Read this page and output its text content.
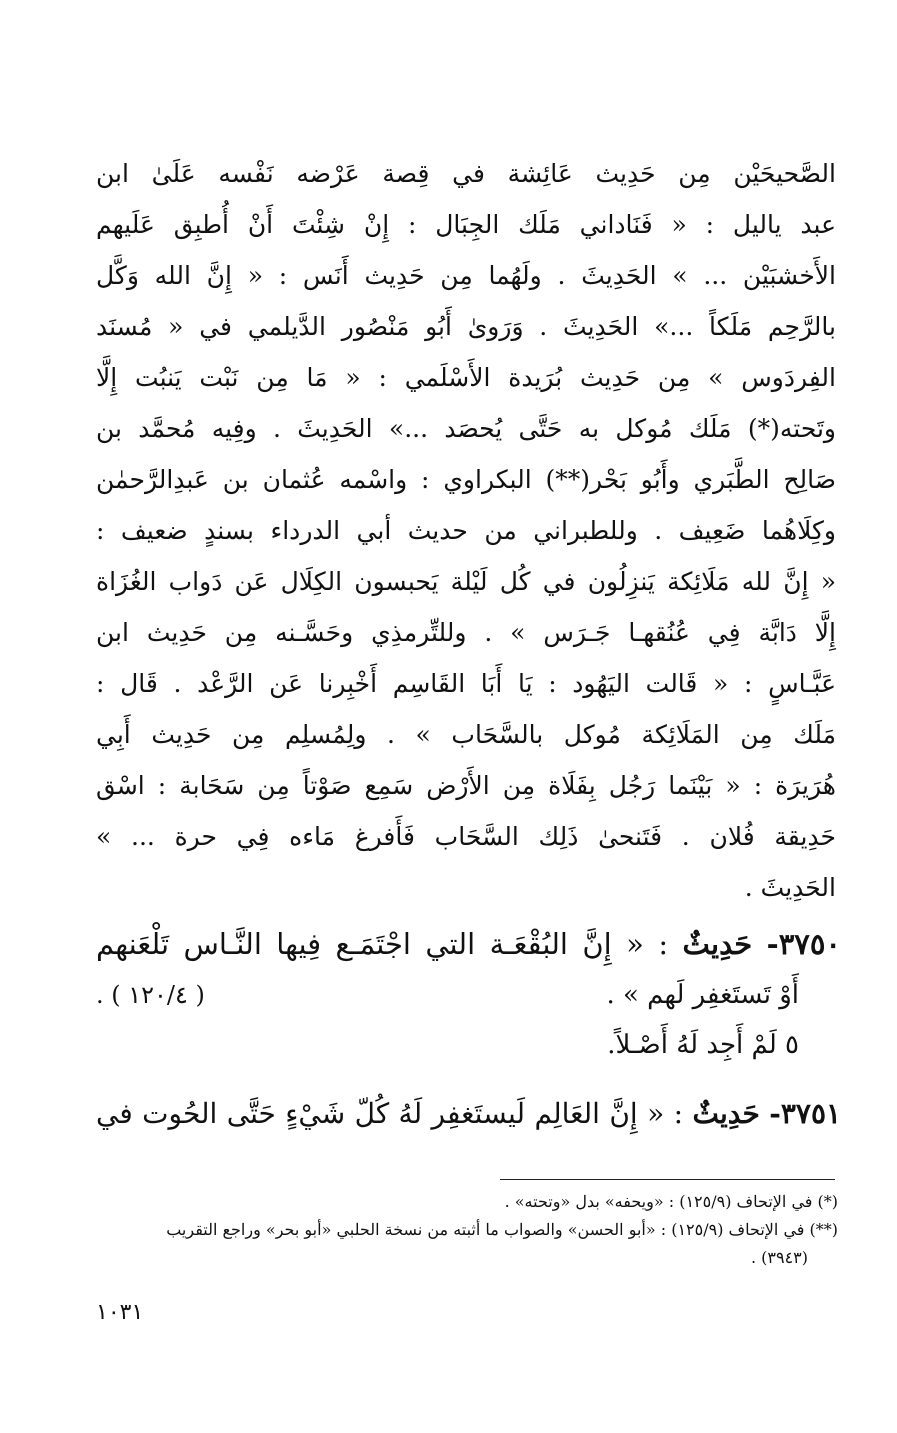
الصَّحيحَيْن مِن حَدِيث عَائِشة في قِصة عَرْضه نَفْسه عَلَىٰ ابن
عبد ياليل : « فَنَاداني مَلَك الجِبَال : إِنْ شِئْتَ أَنْ أُطبِق عَلَيهم
الأَخشبَيْن ... » الحَدِيثَ . ولَهُما مِن حَدِيث أَنَس : « إِنَّ الله وَكَّل
بالرَّحِم مَلَكاً ...» الحَدِيثَ . وَرَوىٰ أَبُو مَنْصُور الدَّيلمي في « مُسنَد
الفِردَوس » مِن حَدِيث بُرَيدة الأَسْلَمي : « مَا مِن نَبْت يَنبُت إِلَّا
وتَحته(*) مَلَك مُوكل به حَتَّى يُحصَد ...» الحَدِيثَ . وفِيه مُحمَّد بن
صَالِح الطَّبَري وأَبُو بَحْر(**) البكراوي : واسْمه عُثمان بن عَبدِالرَّحمٰن
وكِلَاهُما ضَعِيف . وللطبراني من حديث أبي الدرداء بسندٍ ضعيف :
« إِنَّ لله مَلَائِكة يَنزِلُون في كُل لَيْلة يَحبسون الكِلَال عَن دَواب الغُزَاة
إِلَّا دَابَّة فِي عُنُقهـا جَـرَس » . وللتِّرمذِي وحَسَّـنه مِن حَدِيث ابن
عَبَّـاسٍ : « قَالت اليَهُود : يَا أَبَا القَاسِم أَخْبِرنا عَن الرَّعْد . قَال :
مَلَك مِن المَلَائِكة مُوكل بالسَّحَاب » . ولِمُسلِم مِن حَدِيث أَبِي
هُرَيرَة : « بَيْنَما رَجُل بِفَلَاة مِن الأَرْض سَمِع صَوْتاً مِن سَحَابة : اسْق
حَدِيقة فُلان . فَتَنحىٰ ذَلِك السَّحَاب فَأَفرغ مَاءه فِي حرة ... »
الحَدِيثَ .
٣٧٥٠- حَدِيثٌ : « إِنَّ البُقْعَـة التي اجْتَمَـع فِيها النَّـاس تَلْعَنهم
أَوْ تَستَغفِر لَهم » .
( ١٢٠/٤ ) .
٥ لَمْ أَجِد لَهُ أَصْـلاً.
٣٧٥١- حَدِيثٌ : « إِنَّ العَالِم لَيستَغفِر لَهُ كُلّ شَيْءٍ حَتَّى الحُوت في
(*) في الإتحاف (١٢٥/٩) : «ويحفه» بدل «وتحته» .
(**) في الإتحاف (١٢٥/٩) : «أبو الحسن» والصواب ما أثبته من نسخة الحلبي «أبو بحر» وراجع التقريب
(٣٩٤٣) .
١٠٣١
